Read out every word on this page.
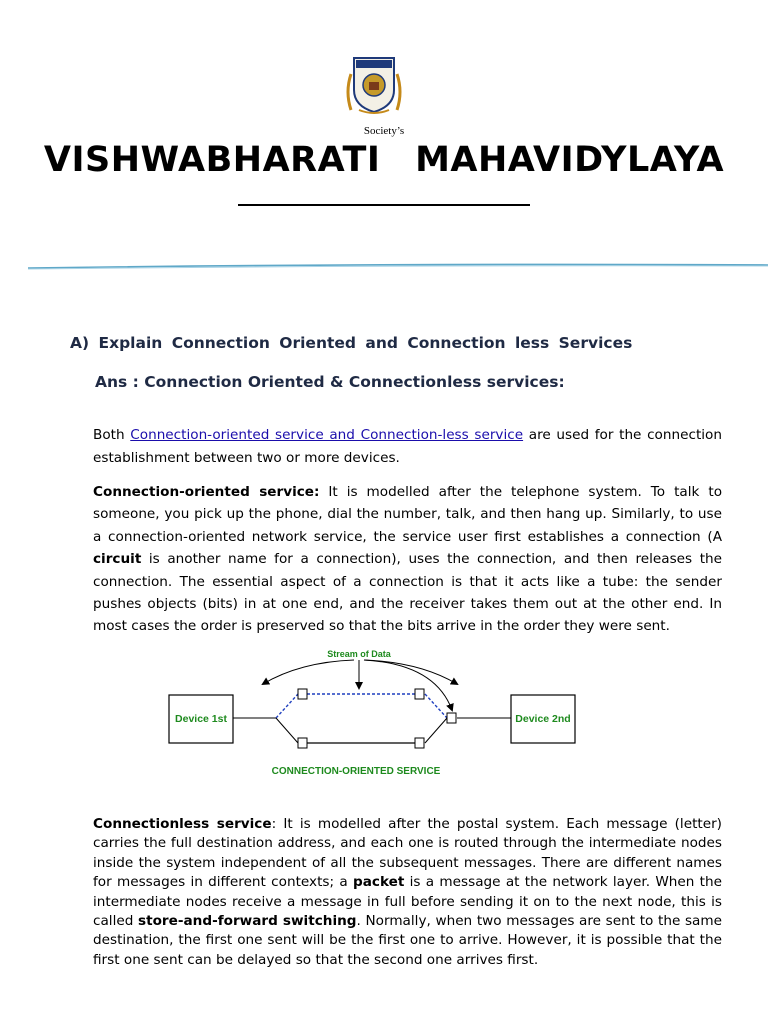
Society’s
VISHWABHARATI MAHAVIDYLAYA
A) Explain Connection Oriented and Connection less Services
Ans : Connection Oriented & Connectionless services:
Both Connection-oriented service and Connection-less service are used for the connection establishment between two or more devices.
Connection-oriented service: It is modelled after the telephone system. To talk to someone, you pick up the phone, dial the number, talk, and then hang up. Similarly, to use a connection-oriented network service, the service user first establishes a connection (A circuit is another name for a connection), uses the connection, and then releases the connection. The essential aspect of a connection is that it acts like a tube: the sender pushes objects (bits) in at one end, and the receiver takes them out at the other end. In most cases the order is preserved so that the bits arrive in the order they were sent.
Stream of Data
Device 1st	Device 2nd
CONNECTION-ORIENTED SERVICE
Connectionless service: It is modelled after the postal system. Each message (letter) carries the full destination address, and each one is routed through the intermediate nodes inside the system independent of all the subsequent messages. There are different names for messages in different contexts; a packet is a message at the network layer. When the intermediate nodes receive a message in full before sending it on to the next node, this is called store-and-forward switching. Normally, when two messages are sent to the same destination, the first one sent will be the first one to arrive. However, it is possible that the first one sent can be delayed so that the second one arrives first.
